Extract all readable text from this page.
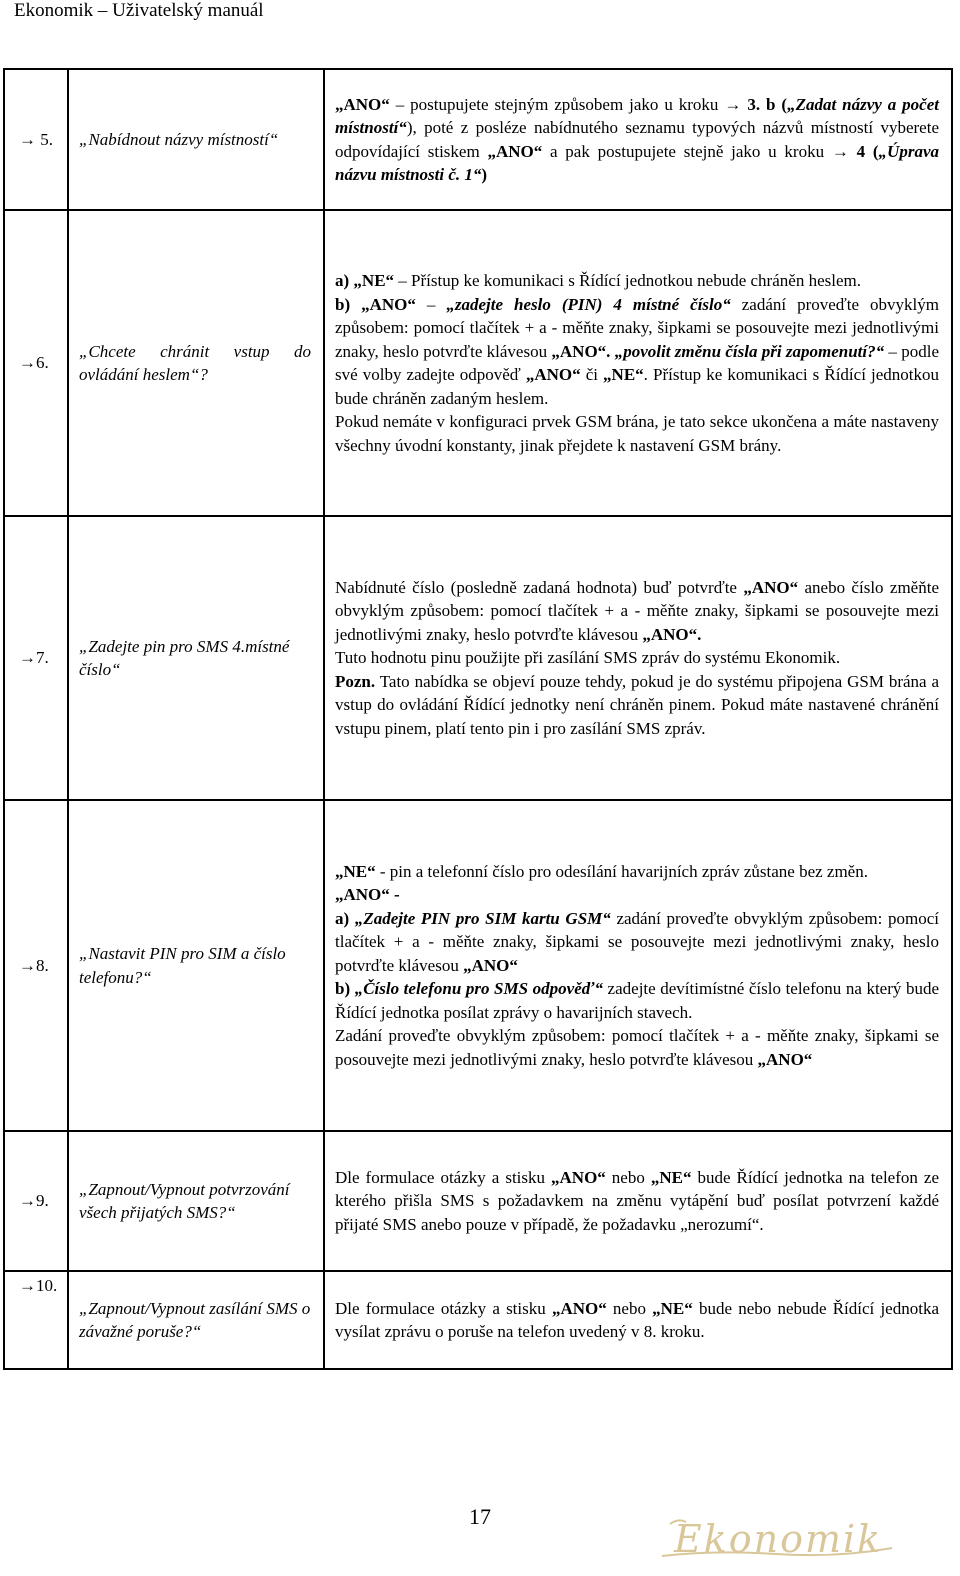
Ekonomik – Uživatelský manuál
→ 5.	„Nabídnout názvy místností“	„ANO“ – postupujete stejným způsobem jako u kroku → 3. b („Zadat názvy a počet místností“), poté z posléze nabídnutého seznamu typových názvů místností vyberete odpovídající stiskem „ANO“ a pak postupujete stejně jako u kroku → 4 („Úprava názvu místnosti č. 1“)

→6.	„Chcete chránit vstup do ovládání heslem“?	a) „NE“ – Přístup ke komunikaci s Řídící jednotkou nebude chráněn heslem.
b) „ANO“ – „zadejte heslo (PIN) 4 místné číslo“ zadání proveďte obvyklým způsobem: pomocí tlačítek + a - měňte znaky, šipkami se posouvejte mezi jednotlivými znaky, heslo potvrďte klávesou „ANO“. „povolit změnu čísla při zapomenutí?“ – podle své volby zadejte odpověď „ANO“ či „NE“. Přístup ke komunikaci s Řídící jednotkou bude chráněn zadaným heslem.
Pokud nemáte v konfiguraci prvek GSM brána, je tato sekce ukončena a máte nastaveny všechny úvodní konstanty, jinak přejdete k nastavení GSM brány.

→7.	„Zadejte pin pro SMS 4.místné číslo“	Nabídnuté číslo (posledně zadaná hodnota) buď potvrďte „ANO“ anebo číslo změňte obvyklým způsobem: pomocí tlačítek + a - měňte znaky, šipkami se posouvejte mezi jednotlivými znaky, heslo potvrďte klávesou „ANO“.
Tuto hodnotu pinu použijte při zasílání SMS zpráv do systému Ekonomik.
Pozn. Tato nabídka se objeví pouze tehdy, pokud je do systému připojena GSM brána a vstup do ovládání Řídící jednotky není chráněn pinem. Pokud máte nastavené chránění vstupu pinem, platí tento pin i pro zasílání SMS zpráv.

→8.	„Nastavit PIN pro SIM a číslo telefonu?“	„NE“ - pin a telefonní číslo pro odesílání havarijních zpráv zůstane bez změn.
„ANO“ -
a) „Zadejte PIN pro SIM kartu GSM“ zadání proveďte obvyklým způsobem: pomocí tlačítek + a - měňte znaky, šipkami se posouvejte mezi jednotlivými znaky, heslo potvrďte klávesou „ANO“
b) „Číslo telefonu pro SMS odpověď“ zadejte devítimístné číslo telefonu na který bude Řídící jednotka posílat zprávy o havarijních stavech.
Zadání proveďte obvyklým způsobem: pomocí tlačítek + a - měňte znaky, šipkami se posouvejte mezi jednotlivými znaky, heslo potvrďte klávesou „ANO“

→9.	„Zapnout/Vypnout potvrzování všech přijatých SMS?“	Dle formulace otázky a stisku „ANO“ nebo „NE“ bude Řídící jednotka na telefon ze kterého přišla SMS s požadavkem na změnu vytápění buď posílat potvrzení každé přijaté SMS anebo pouze v případě, že požadavku „nerozumí“.

→10.	„Zapnout/Vypnout zasílání SMS o závažné poruše?“	Dle formulace otázky a stisku „ANO“ nebo „NE“ bude nebo nebude Řídící jednotka vysílat zprávu o poruše na telefon uvedený v 8. kroku.
17
Ekonomik
